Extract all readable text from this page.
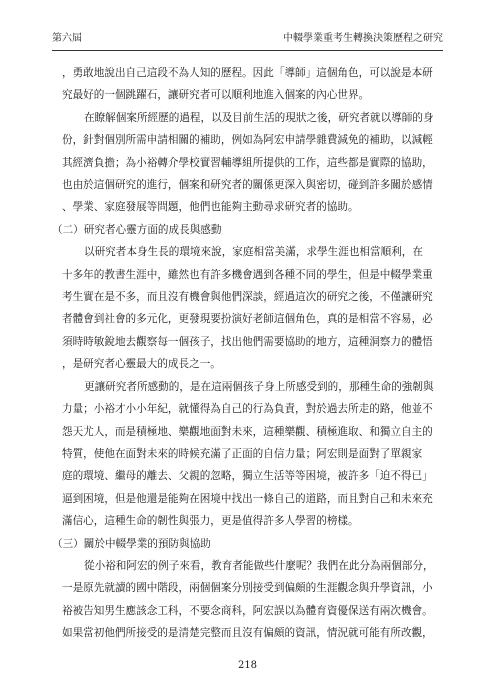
第六屆	中輟學業重考生轉換決策歷程之研究
，勇敢地說出自己這段不為人知的歷程。因此「導師」這個角色，可以說是本研
究最好的一個跳躍石，讓研究者可以順利地進入個案的內心世界。
在瞭解個案所經歷的過程，以及目前生活的現狀之後，研究者就以導師的身
份，針對個別所需申請相關的補助，例如為阿宏申請學雜費減免的補助，以減輕
其經濟負擔；為小裕轉介學校實習輔導組所提供的工作，這些都是實際的協助，
也由於這個研究的進行，個案和研究者的關係更深入與密切，碰到許多關於感情
、學業、家庭發展等問題，他們也能夠主動尋求研究者的協助。
（二）研究者心靈方面的成長與感動
以研究者本身生長的環境來說，家庭相當美滿，求學生涯也相當順利，在
十多年的教書生涯中，雖然也有許多機會遇到各種不同的學生，但是中輟學業重
考生實在是不多，而且沒有機會與他們深談，經過這次的研究之後，不僅讓研究
者體會到社會的多元化，更發現要扮演好老師這個角色，真的是相當不容易，必
須時時敏銳地去觀察每一個孩子，找出他們需要協助的地方，這種洞察力的體悟
，是研究者心靈最大的成長之一。
更讓研究者所感動的，是在這兩個孩子身上所感受到的，那種生命的強韌與
力量；小裕才小小年紀，就懂得為自己的行為負責，對於過去所走的路，他並不
怨天尤人，而是積極地、樂觀地面對未來，這種樂觀、積極進取、和獨立自主的
特質，使他在面對未來的時候充滿了正面的自信力量；阿宏則是面對了單親家
庭的環境、繼母的離去、父親的忽略，獨立生活等等困境，被許多「迫不得已」
逼到困境，但是他還是能夠在困境中找出一條自己的道路，而且對自己和未來充
滿信心，這種生命的韌性與張力，更是值得許多人學習的榜樣。
（三）關於中輟學業的預防與協助
從小裕和阿宏的例子來看，教育者能做些什麼呢？我們在此分為兩個部分，
一是原先就讀的國中階段，兩個個案分別接受到偏頗的生涯觀念與升學資訊，小
裕被告知男生應該念工科，不要念商科，阿宏誤以為體育資優保送有兩次機會。
如果當初他們所接受的是清楚完整而且沒有偏頗的資訊，情況就可能有所改觀，
218
